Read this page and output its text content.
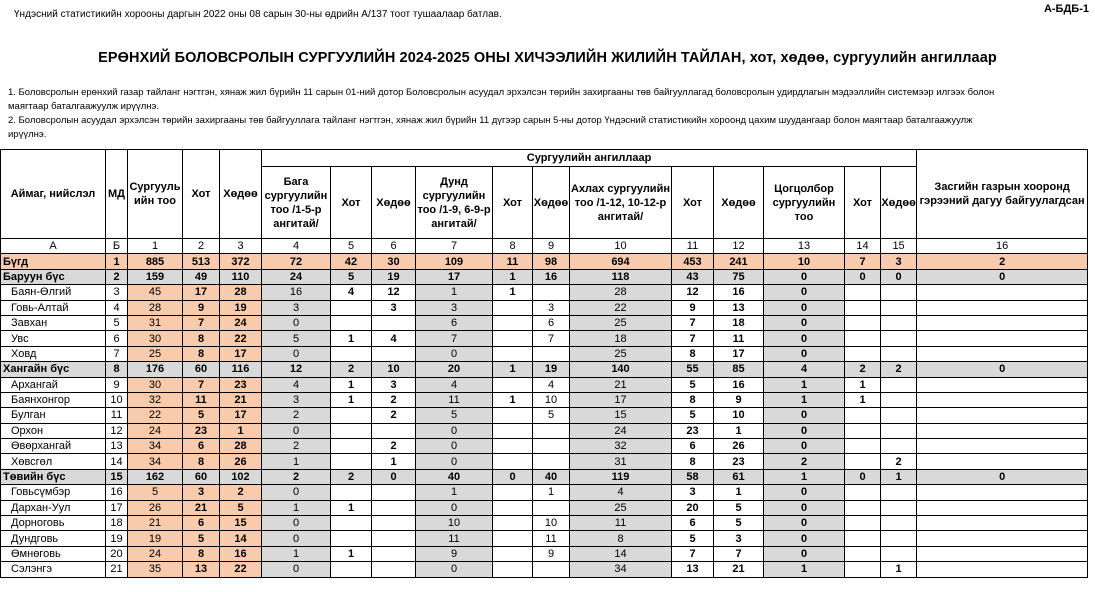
Үндэсний статистикийн хорооны даргын 2022 оны 08 сарын 30-ны өдрийн А/137 тоот тушаалаар батлав.	А-БДБ-1
ЕРӨНХИЙ БОЛОВСРОЛЫН СУРГУУЛИЙН 2024-2025 ОНЫ ХИЧЭЭЛИЙН ЖИЛИЙН ТАЙЛАН, хот, хөдөө, сургуулийн ангиллаар

1. Боловсролын ерөнхий газар тайланг нэгтгэн, хянаж жил бүрийн 11 сарын 01-ний дотор Боловсролын асуудал эрхэлсэн төрийн захиргааны төв байгууллагад боловсролын удирдлагын мэдээллийн системээр илгээх болон маягтаар баталгаажуулж ирүүлнэ.

2. Боловсролын асуудал эрхэлсэн төрийн захиргааны төв байгууллага тайланг нэгтгэн, хянаж жил бүрийн 11 дүгээр сарын 5-ны дотор Үндэсний статистикийн хороонд цахим шуудангаар болон маягтаар баталгаажуулж ирүүлнэ.

Аймаг, нийслэл	МД	Сургууль ийн тоо	Хот	Хөдөө	Сургуулийн ангиллаар												Засгийн газрын хооронд гэрээний дагуу байгуулагдсан
					Бага сургуулийн тоо /1-5-р ангитай/	Хот	Хөдөө	Дунд сургуулийн тоо /1-9, 6-9-р ангитай/	Хот	Хөдөө	Ахлах сургуулийн тоо /1-12, 10-12-р ангитай/	Хот	Хөдөө	Цогцолбор сургуулийн тоо	Хот	Хөдөө	
А	Б	1	2	3	4	5	6	7	8	9	10	11	12	13	14	15	16
Бүгд	1	885	513	372	72	42	30	109	11	98	694	453	241	10	7	3	2
Баруун бүс	2	159	49	110	24	5	19	17	1	16	118	43	75	0	0	0	0
Баян-Өлгий	3	45	17	28	16	4	12	1	1		28	12	16	0			
Говь-Алтай	4	28	9	19	3		3	3		3	22	9	13	0			
Завхан	5	31	7	24	0			6		6	25	7	18	0			
Увс	6	30	8	22	5	1	4	7		7	18	7	11	0			
Ховд	7	25	8	17	0			0			25	8	17	0			
Хангайн бүс	8	176	60	116	12	2	10	20	1	19	140	55	85	4	2	2	0
Архангай	9	30	7	23	4	1	3	4		4	21	5	16	1	1		
Баянхонгор	10	32	11	21	3	1	2	11	1	10	17	8	9	1	1		
Булган	11	22	5	17	2		2	5		5	15	5	10	0			
Орхон	12	24	23	1	0			0			24	23	1	0			
Өвөрхангай	13	34	6	28	2		2	0			32	6	26	0			
Хөвсгөл	14	34	8	26	1		1	0			31	8	23	2		2	
Төвийн бүс	15	162	60	102	2	2	0	40	0	40	119	58	61	1	0	1	0
Говьсүмбэр	16	5	3	2	0			1		1	4	3	1	0			
Дархан-Уул	17	26	21	5	1	1		0			25	20	5	0			
Дорноговь	18	21	6	15	0			10		10	11	6	5	0			
Дундговь	19	19	5	14	0			11		11	8	5	3	0			
Өмнөговь	20	24	8	16	1	1		9		9	14	7	7	0			
Сэлэнгэ	21	35	13	22	0			0			34	13	21	1		1	
